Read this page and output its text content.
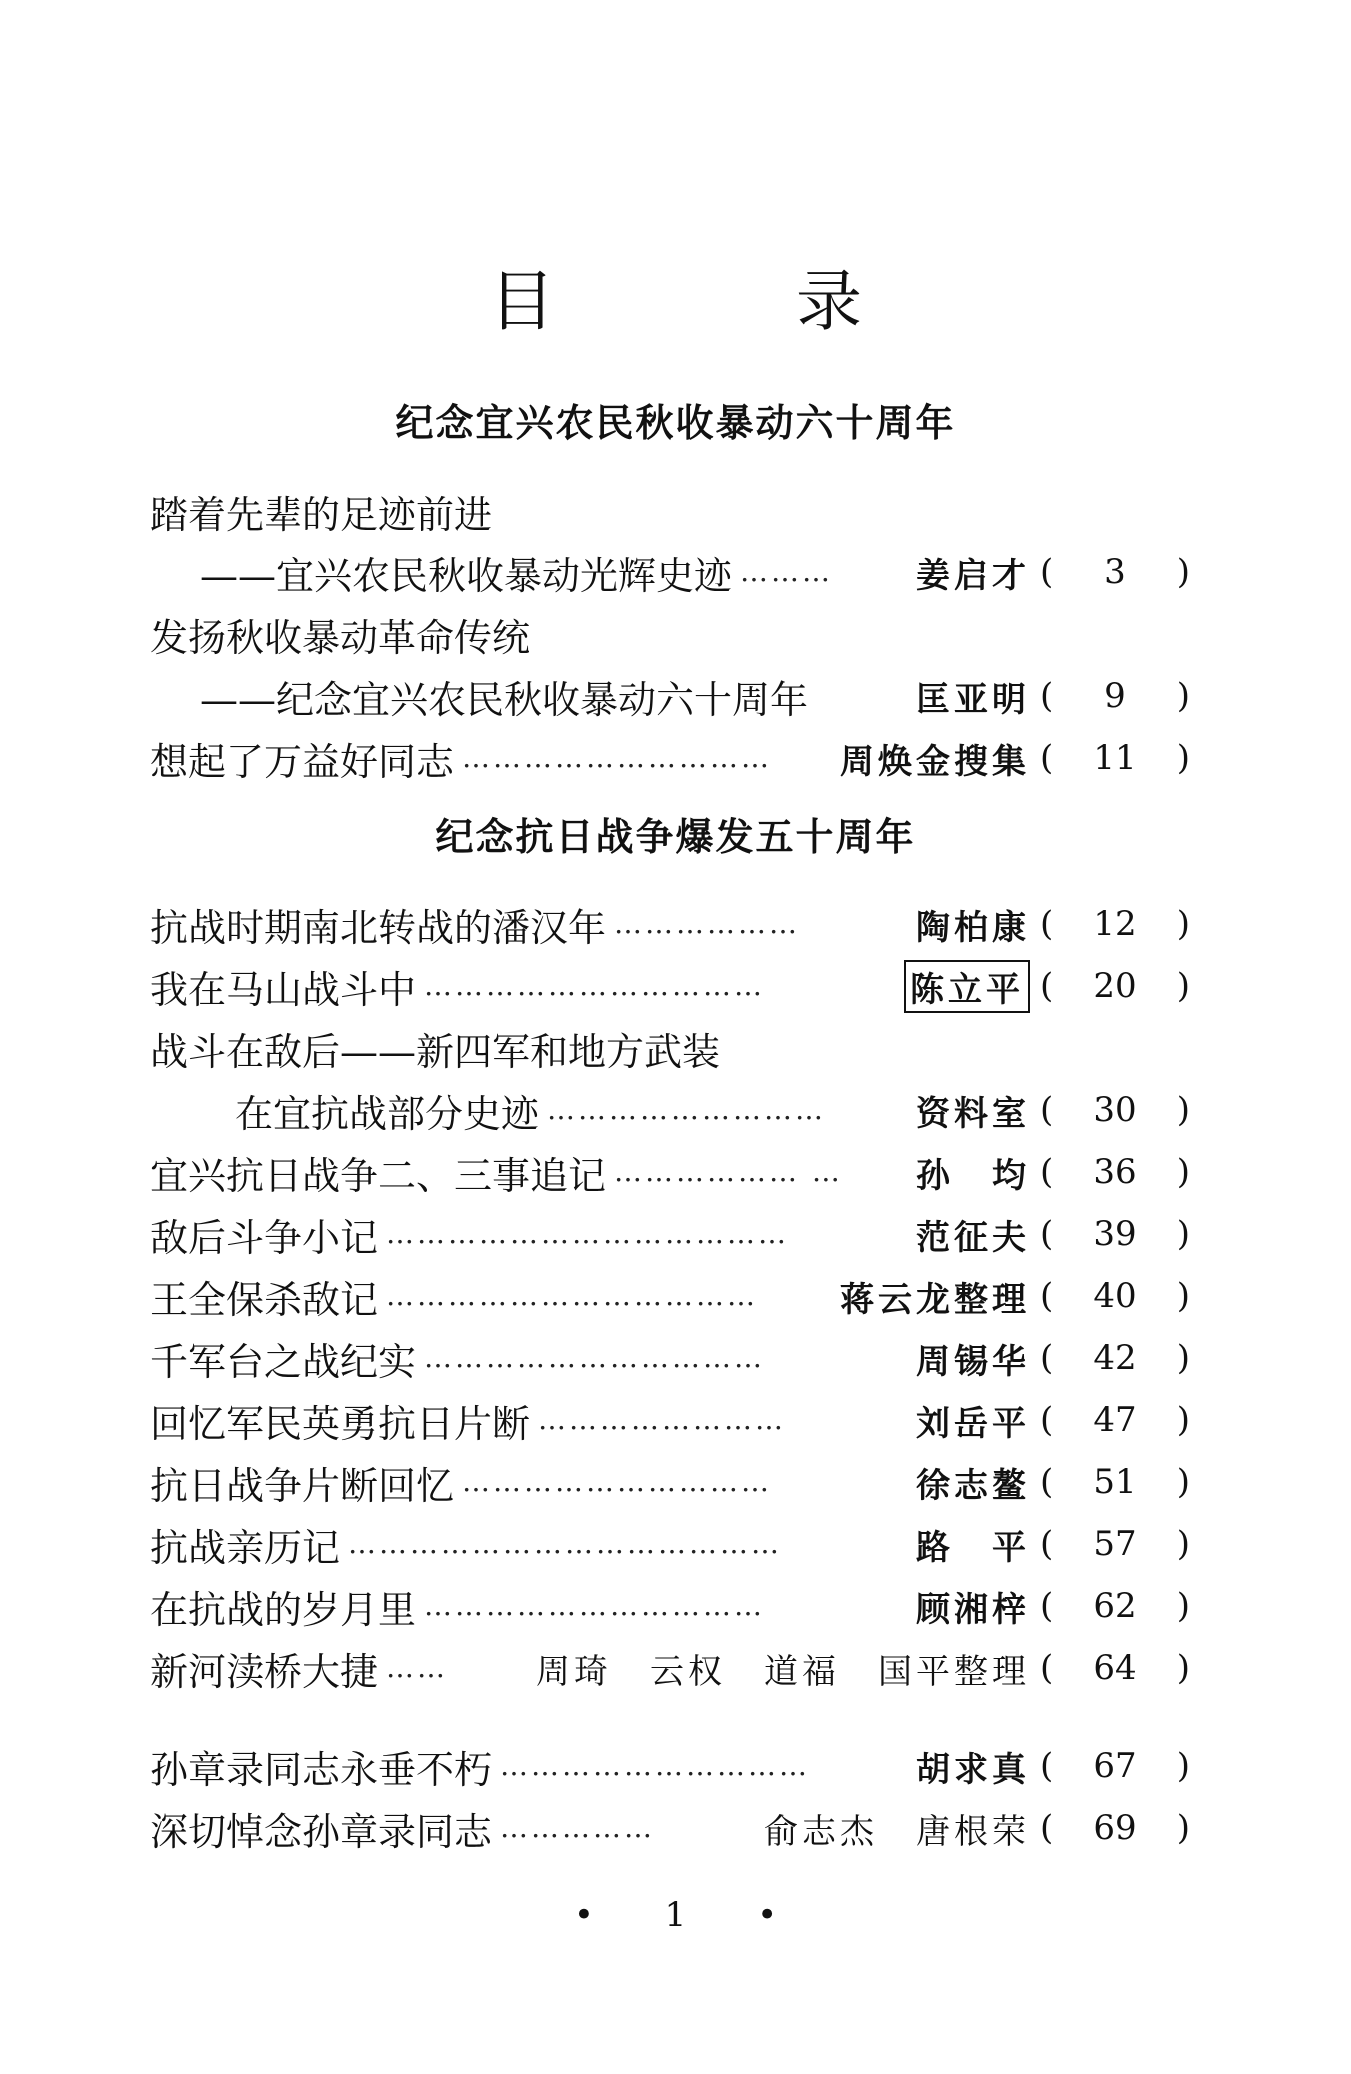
目 录
纪念宜兴农民秋收暴动六十周年
踏着先辈的足迹前进
——宜兴农民秋收暴动光辉史迹 ………	姜启才 (	3	)
发扬秋收暴动革命传统
——纪念宜兴农民秋收暴动六十周年	匡亚明 (	9	)
想起了万益好同志 …………………………	周焕金搜集 (	11	)
纪念抗日战争爆发五十周年
抗战时期南北转战的潘汉年 ………………	陶柏康 (	12	)
我在马山战斗中 ……………………………	陈立平 (	20	)
战斗在敌后——新四军和地方武装
在宜抗战部分史迹 ………………………	资料室 (	30	)
宜兴抗日战争二、三事追记 ……………… …	孙　均 (	36	)
敌后斗争小记 …………………………………	范征夫 (	39	)
王全保杀敌记 ………………………………	蒋云龙整理 (	40	)
千军台之战纪实 ……………………………	周锡华 (	42	)
回忆军民英勇抗日片断 ……………………	刘岳平 (	47	)
抗日战争片断回忆 …………………………	徐志鳌 (	51	)
抗战亲历记 ……………………………………	路　平 (	57	)
在抗战的岁月里 ……………………………	顾湘梓 (	62	)
新河渎桥大捷 ……	周琦　云权　道福　国平整理 (	64	)
孙章录同志永垂不朽 …………………………	胡求真 (	67	)
深切悼念孙章录同志 ……………	俞志杰　唐根荣 (	69	)
• 1 •
